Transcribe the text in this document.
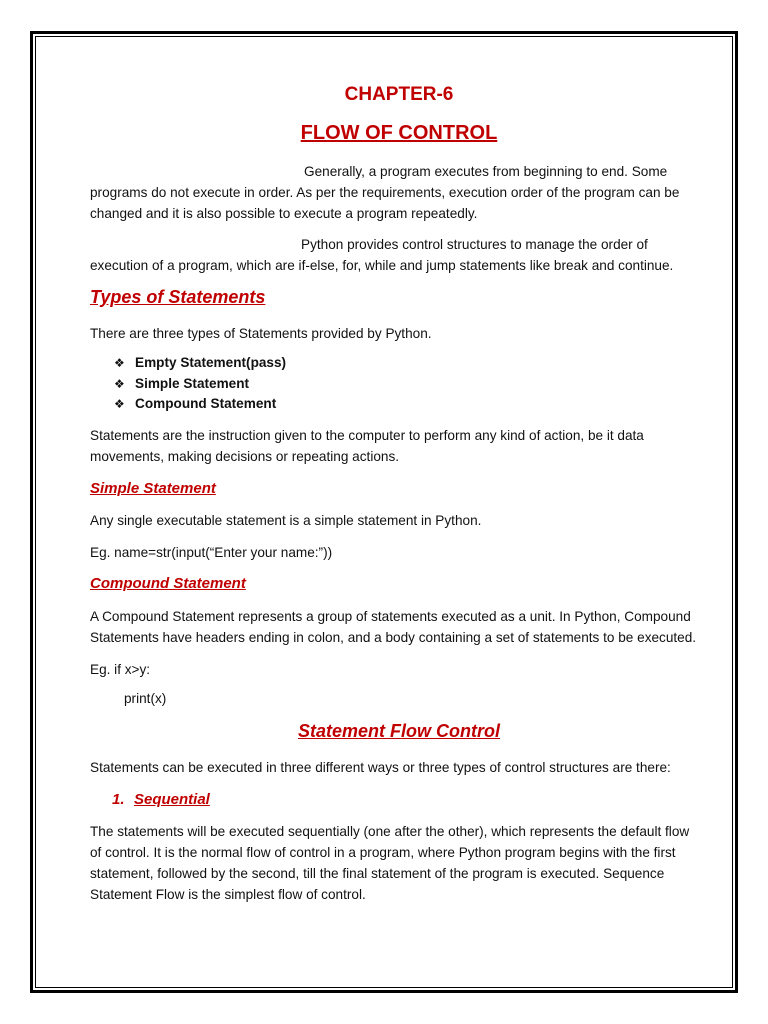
CHAPTER-6
FLOW OF CONTROL
Generally, a program executes from beginning to end. Some
programs do not execute in order. As per the requirements, execution order of the program can be
changed and it is also possible to execute a program repeatedly.
Python provides control structures to manage the order of
execution of a program, which are if-else, for, while and jump statements like break and continue.
Types of Statements
There are three types of Statements provided by Python.
❖ Empty Statement(pass)
❖ Simple Statement
❖ Compound Statement
Statements are the instruction given to the computer to perform any kind of action, be it data
movements, making decisions or repeating actions.
Simple Statement
Any single executable statement is a simple statement in Python.
Eg. name=str(input(“Enter your name:”))
Compound Statement
A Compound Statement represents a group of statements executed as a unit. In Python, Compound
Statements have headers ending in colon, and a body containing a set of statements to be executed.
Eg. if x>y:
print(x)
Statement Flow Control
Statements can be executed in three different ways or three types of control structures are there:
1. Sequential
The statements will be executed sequentially (one after the other), which represents the default flow
of control. It is the normal flow of control in a program, where Python program begins with the first
statement, followed by the second, till the final statement of the program is executed. Sequence
Statement Flow is the simplest flow of control.
